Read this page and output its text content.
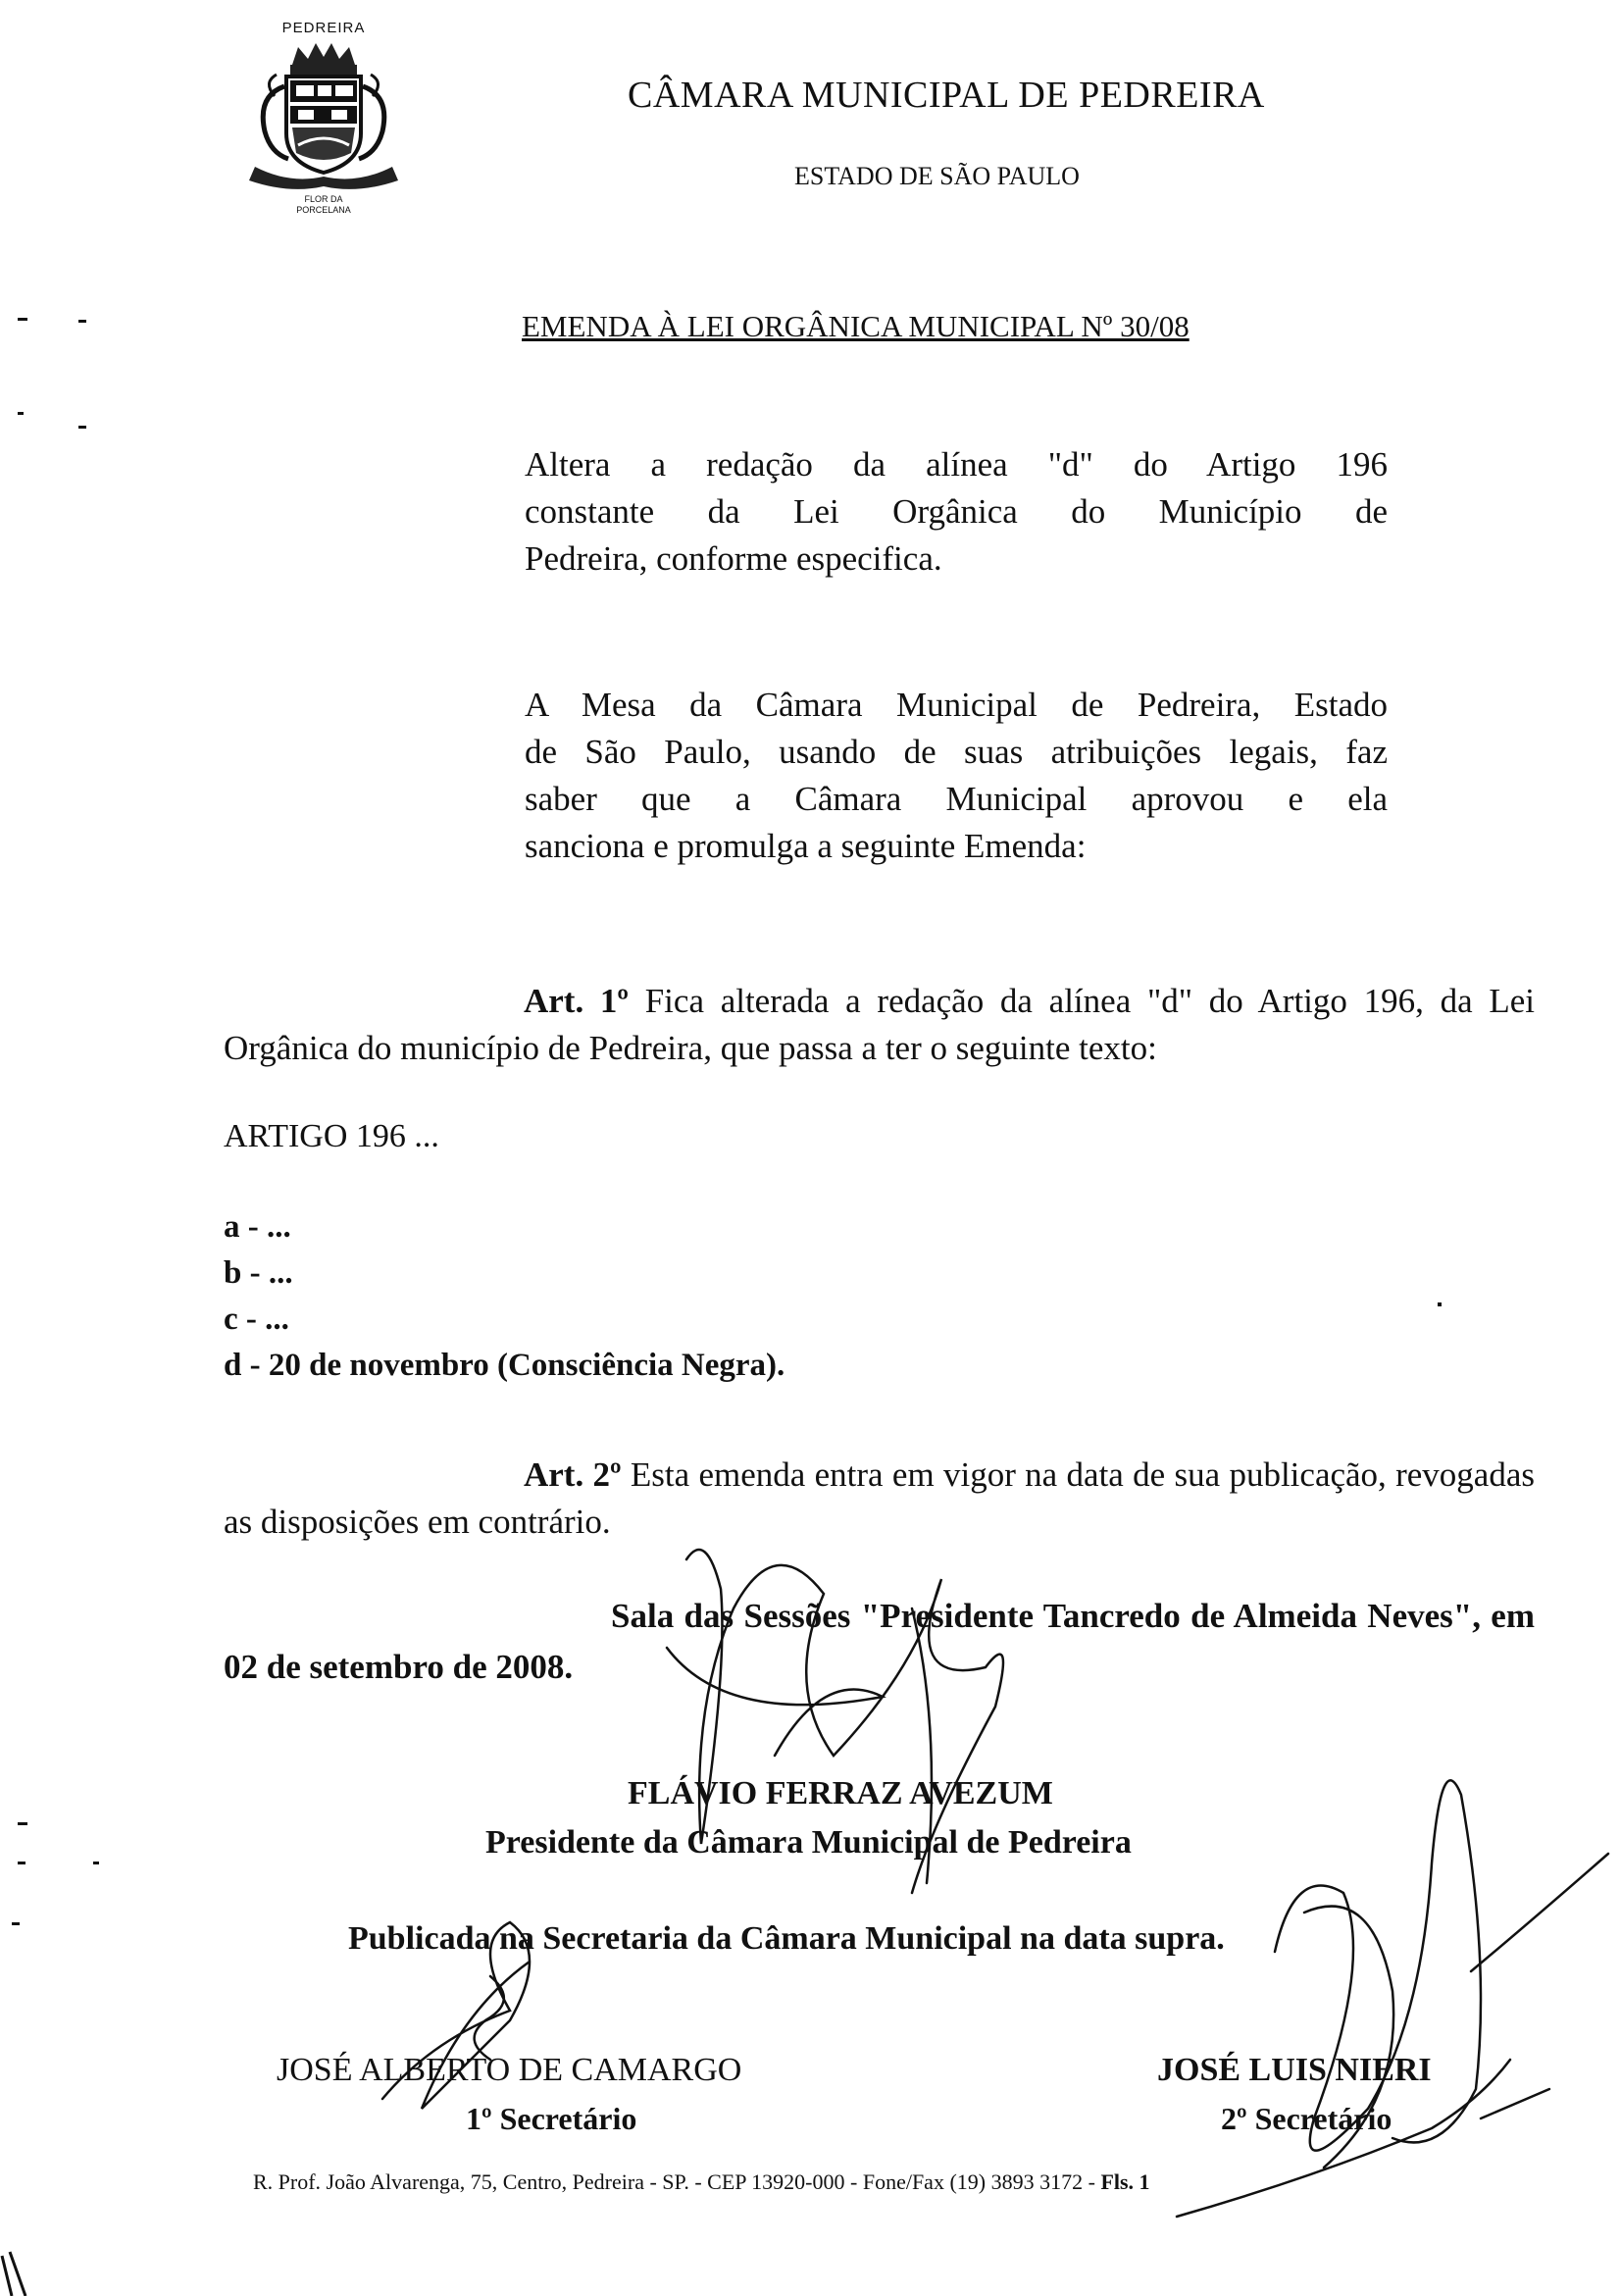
PEDREIRA
FLOR DA
PORCELANA
CÂMARA MUNICIPAL DE PEDREIRA
ESTADO DE SÃO PAULO
EMENDA À LEI ORGÂNICA MUNICIPAL Nº 30/08
Altera a redação da alínea "d" do Artigo 196
constante da Lei Orgânica do Município de
Pedreira, conforme especifica.
A Mesa da Câmara Municipal de Pedreira, Estado
de São Paulo, usando de suas atribuições legais, faz
saber que a Câmara Municipal aprovou e ela
sanciona e promulga a seguinte Emenda:
Art. 1º Fica alterada a redação da alínea "d" do Artigo 196, da Lei Orgânica do município de Pedreira, que passa a ter o seguinte texto:
ARTIGO 196 ...
a - ...
b - ...
c - ...
d - 20 de novembro (Consciência Negra).
Art. 2º Esta emenda entra em vigor na data de sua publicação, revogadas as disposições em contrário.
Sala das Sessões "Presidente Tancredo de Almeida Neves", em 02 de setembro de 2008.
FLÁVIO FERRAZ AVEZUM
Presidente da Câmara Municipal de Pedreira
Publicada na Secretaria da Câmara Municipal na data supra.
JOSÉ ALBERTO DE CAMARGO
1º Secretário
JOSÉ LUIS NIERI
2º Secretário
R. Prof. João Alvarenga, 75, Centro, Pedreira - SP. - CEP 13920-000 - Fone/Fax (19) 3893 3172 - Fls. 1
